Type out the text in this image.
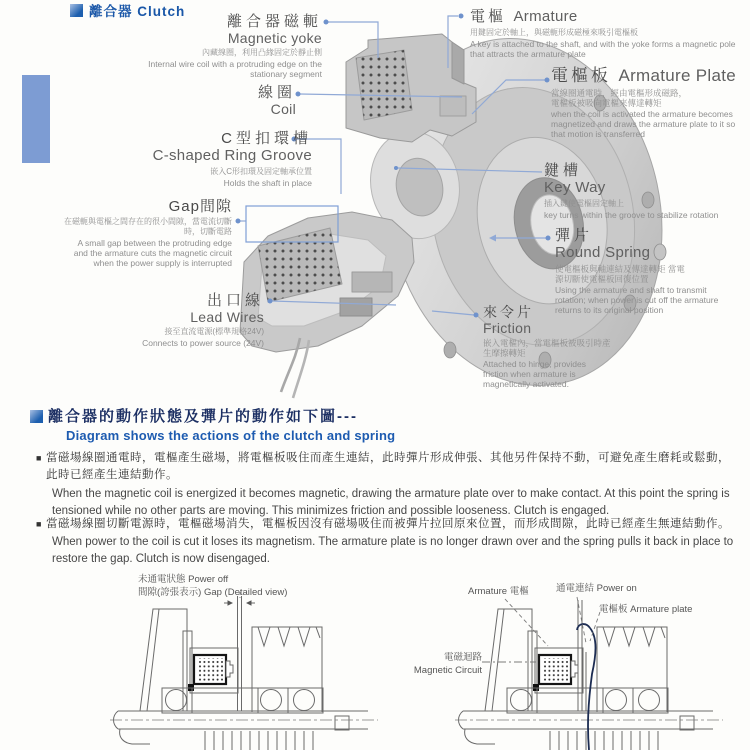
離合器 Clutch
離合器磁軛
Magnetic yoke
內藏線圈，利用凸緣固定於靜止側
Internal wire coil with a protruding edge on the stationary segment
線圈
Coil
C型扣環槽
C-shaped Ring Groove
嵌入C形扣環及固定軸承位置
Holds the shaft in place
Gap間隙
在磁軛與電樞之間存在的很小間隙，當電流切斷時，切斷電路
A small gap between the protruding edge and the armature cuts the magnetic circuit when the power supply is interrupted
出口線
Lead Wires
接至直流電源(標準規格24V)
Connects to power source (24V)
電樞 Armature
用鍵固定於軸上，與磁軛形成磁極來吸引電樞板
A key is attached to the shaft, and with the yoke forms a magnetic pole that attracts the armature plate
電樞板 Armature Plate
當線圈通電時，經由電樞形成磁路，電樞板被吸向電樞來傳達轉矩
when the coil is activated the armature becomes magnetized and draws the armature plate to it so that motion is transferred
鍵槽
Key Way
插入鍵使電樞固定軸上
key turns within the groove to stabilize rotation
彈片
Round Spring
使電樞板與軸連結及傳達轉矩 當電源切斷使電樞板回復位置
Using the armature and shaft to transmit rotation; when power is cut off the armature returns to its original position
來令片
Friction
嵌入電樞內，當電樞板被吸引時產生摩擦轉矩
Attached to hinge, provides friction when armature is magnetically activated.
離合器的動作狀態及彈片的動作如下圖---
Diagram shows the actions of the clutch and spring
■ 當磁場線圈通電時，電樞產生磁場，將電樞板吸住而產生連結，此時彈片形成伸張、其他另件保持不動，可避免產生磨耗或鬆動，此時已經產生連結動作。
When the magnetic coil is energized it becomes magnetic, drawing the armature plate over to make contact. At this point the spring is tensioned while no other parts are moving. This minimizes friction and possible looseness. Clutch is engaged.
■ 當磁場線圈切斷電源時，電樞磁場消失，電樞板因沒有磁場吸住而被彈片拉回原來位置，而形成間隙，此時已經產生無連結動作。
When power to the coil is cut it loses its magnetism. The armature plate is no longer drawn over and the spring pulls it back in place to restore the gap. Clutch is now disengaged.
未通電狀態 Power off
間隙(誇張表示) Gap (Detailed view)	Armature 電樞	通電連結 Power on
電樞板 Armature plate
電磁迴路
Magnetic Circuit
